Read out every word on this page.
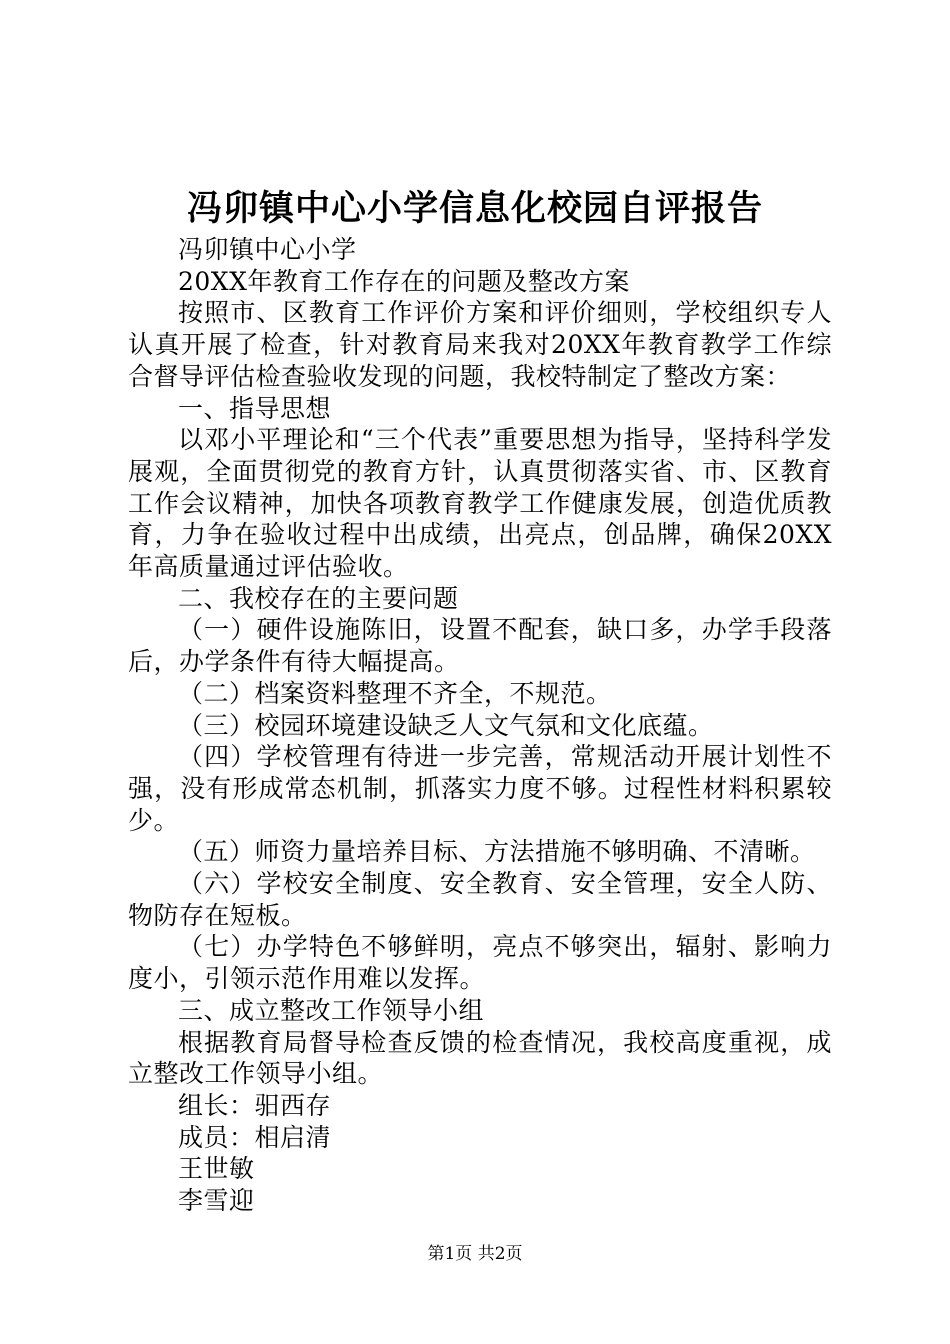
冯卯镇中心小学信息化校园自评报告

冯卯镇中心小学

20XX年教育工作存在的问题及整改方案

按照市、区教育工作评价方案和评价细则，学校组织专人认真开展了检查，针对教育局来我对20XX年教育教学工作综合督导评估检查验收发现的问题，我校特制定了整改方案：

一、指导思想

以邓小平理论和“三个代表”重要思想为指导，坚持科学发展观，全面贯彻党的教育方针，认真贯彻落实省、市、区教育工作会议精神，加快各项教育教学工作健康发展，创造优质教育，力争在验收过程中出成绩，出亮点，创品牌，确保20XX年高质量通过评估验收。

二、我校存在的主要问题

（一）硬件设施陈旧，设置不配套，缺口多，办学手段落后，办学条件有待大幅提高。

（二）档案资料整理不齐全，不规范。

（三）校园环境建设缺乏人文气氛和文化底蕴。

（四）学校管理有待进一步完善，常规活动开展计划性不强，没有形成常态机制，抓落实力度不够。过程性材料积累较少。

（五）师资力量培养目标、方法措施不够明确、不清晰。

（六）学校安全制度、安全教育、安全管理，安全人防、物防存在短板。

（七）办学特色不够鲜明，亮点不够突出，辐射、影响力度小，引领示范作用难以发挥。

三、成立整改工作领导小组

根据教育局督导检查反馈的检查情况，我校高度重视，成立整改工作领导小组。

组长：驲西存

成员：相启清

王世敏

李雪迎

第1页 共2页
